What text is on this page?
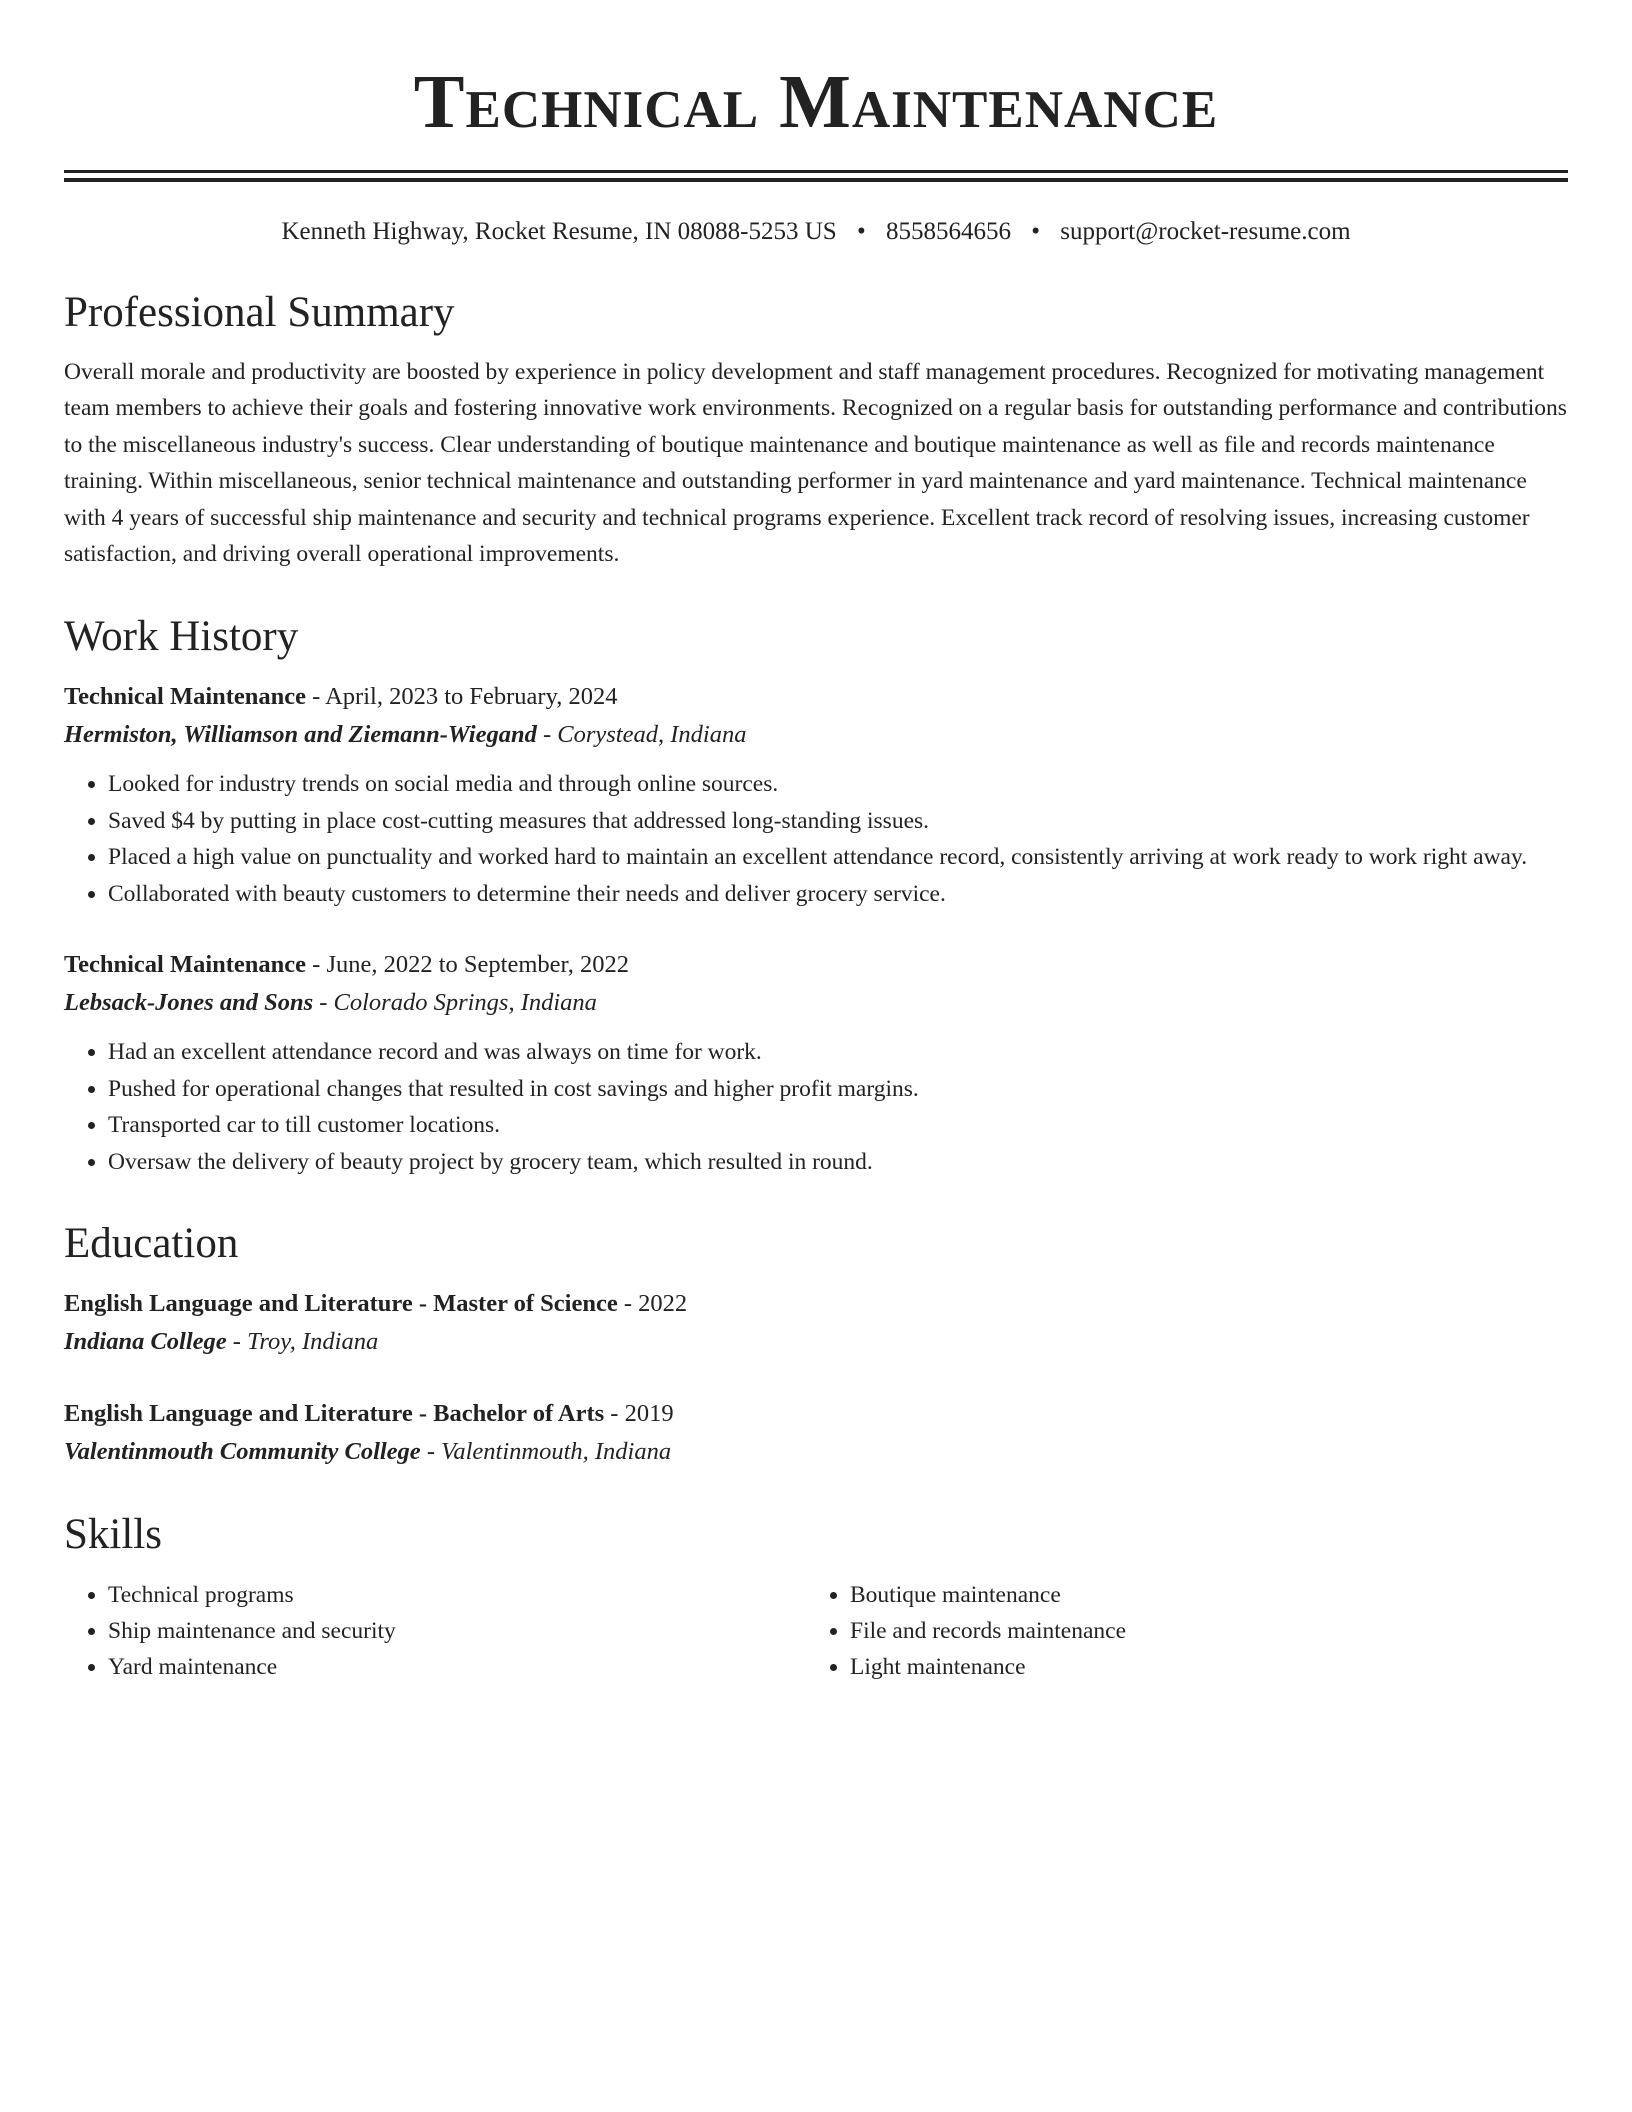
Technical Maintenance
Kenneth Highway, Rocket Resume, IN 08088-5253 US • 8558564656 • support@rocket-resume.com
Professional Summary

Overall morale and productivity are boosted by experience in policy development and staff management procedures. Recognized for motivating management team members to achieve their goals and fostering innovative work environments. Recognized on a regular basis for outstanding performance and contributions to the miscellaneous industry's success. Clear understanding of boutique maintenance and boutique maintenance as well as file and records maintenance training. Within miscellaneous, senior technical maintenance and outstanding performer in yard maintenance and yard maintenance. Technical maintenance with 4 years of successful ship maintenance and security and technical programs experience. Excellent track record of resolving issues, increasing customer satisfaction, and driving overall operational improvements.

Work History
Technical Maintenance - April, 2023 to February, 2024
Hermiston, Williamson and Ziemann-Wiegand - Corystead, Indiana
• Looked for industry trends on social media and through online sources.
• Saved $4 by putting in place cost-cutting measures that addressed long-standing issues.
• Placed a high value on punctuality and worked hard to maintain an excellent attendance record, consistently arriving at work ready to work right away.
• Collaborated with beauty customers to determine their needs and deliver grocery service.
Technical Maintenance - June, 2022 to September, 2022
Lebsack-Jones and Sons - Colorado Springs, Indiana
• Had an excellent attendance record and was always on time for work.
• Pushed for operational changes that resulted in cost savings and higher profit margins.
• Transported car to till customer locations.
• Oversaw the delivery of beauty project by grocery team, which resulted in round.
Education
English Language and Literature - Master of Science - 2022
Indiana College - Troy, Indiana
English Language and Literature - Bachelor of Arts - 2019
Valentinmouth Community College - Valentinmouth, Indiana
Skills
• Technical programs
• Ship maintenance and security
• Yard maintenance
• Boutique maintenance
• File and records maintenance
• Light maintenance
